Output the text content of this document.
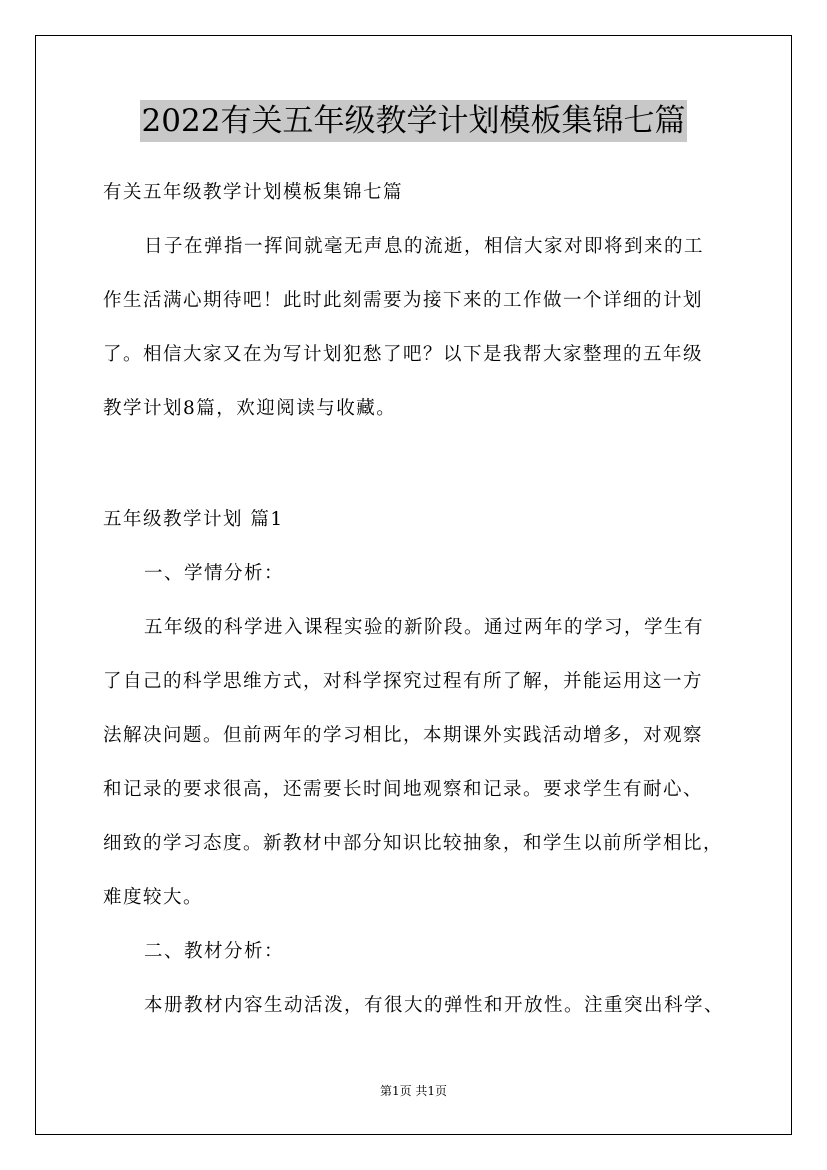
2022有关五年级教学计划模板集锦七篇
有关五年级教学计划模板集锦七篇
日子在弹指一挥间就毫无声息的流逝，相信大家对即将到来的工
作生活满心期待吧！此时此刻需要为接下来的工作做一个详细的计划
了。相信大家又在为写计划犯愁了吧？以下是我帮大家整理的五年级
教学计划8篇，欢迎阅读与收藏。
五年级教学计划 篇1
一、学情分析：
五年级的科学进入课程实验的新阶段。通过两年的学习，学生有
了自己的科学思维方式，对科学探究过程有所了解，并能运用这一方
法解决问题。但前两年的学习相比，本期课外实践活动增多，对观察
和记录的要求很高，还需要长时间地观察和记录。要求学生有耐心、
细致的学习态度。新教材中部分知识比较抽象，和学生以前所学相比，
难度较大。
二、教材分析：
本册教材内容生动活泼，有很大的弹性和开放性。注重突出科学、
第1页 共1页
